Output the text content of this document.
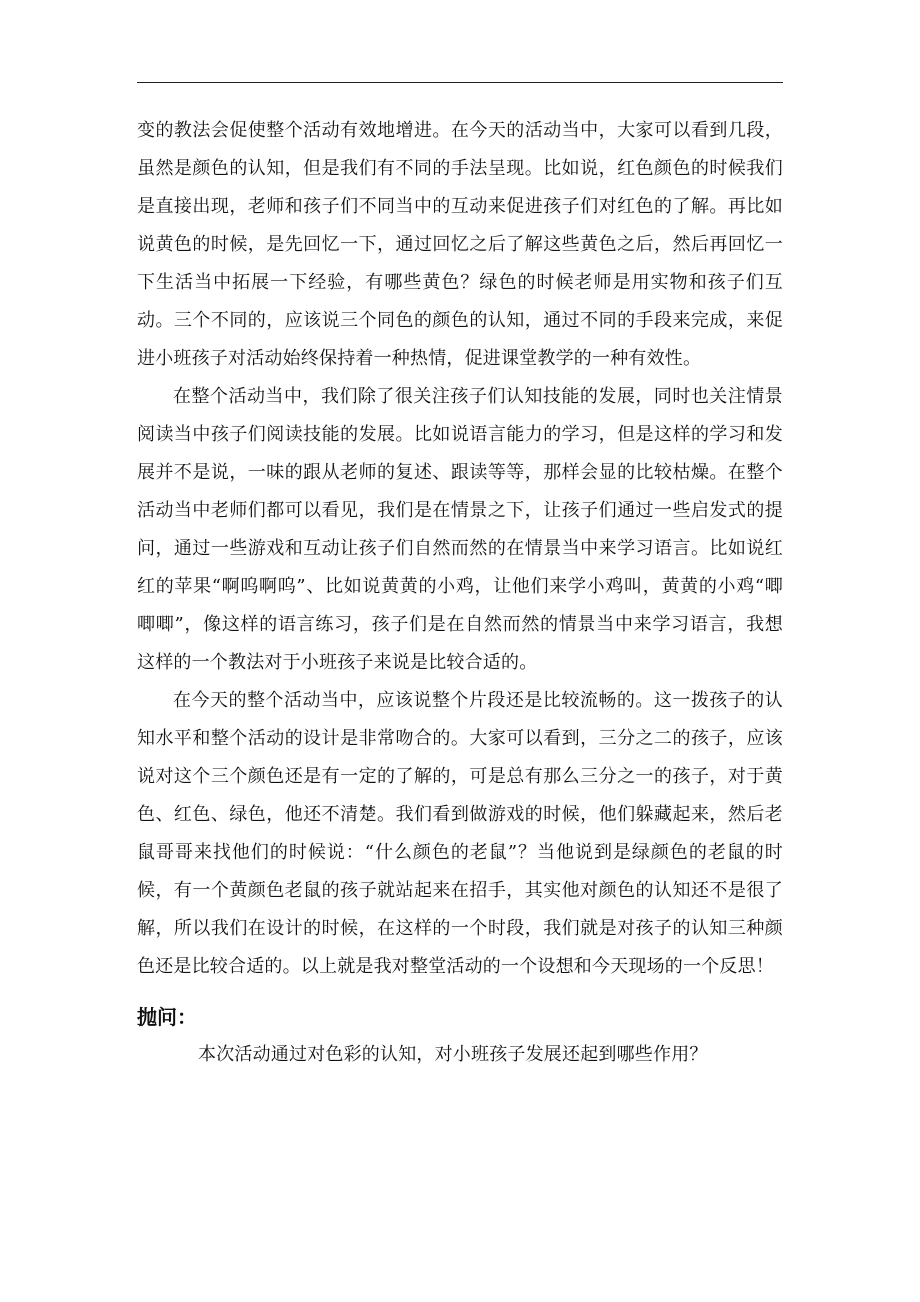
变的教法会促使整个活动有效地增进。在今天的活动当中，大家可以看到几段，虽然是颜色的认知，但是我们有不同的手法呈现。比如说，红色颜色的时候我们是直接出现，老师和孩子们不同当中的互动来促进孩子们对红色的了解。再比如说黄色的时候，是先回忆一下，通过回忆之后了解这些黄色之后，然后再回忆一下生活当中拓展一下经验，有哪些黄色？绿色的时候老师是用实物和孩子们互动。三个不同的，应该说三个同色的颜色的认知，通过不同的手段来完成，来促进小班孩子对活动始终保持着一种热情，促进课堂教学的一种有效性。

在整个活动当中，我们除了很关注孩子们认知技能的发展，同时也关注情景阅读当中孩子们阅读技能的发展。比如说语言能力的学习，但是这样的学习和发展并不是说，一味的跟从老师的复述、跟读等等，那样会显的比较枯燥。在整个活动当中老师们都可以看见，我们是在情景之下，让孩子们通过一些启发式的提问，通过一些游戏和互动让孩子们自然而然的在情景当中来学习语言。比如说红红的苹果“啊呜啊呜”、比如说黄黄的小鸡，让他们来学小鸡叫，黄黄的小鸡“唧唧唧”，像这样的语言练习，孩子们是在自然而然的情景当中来学习语言，我想这样的一个教法对于小班孩子来说是比较合适的。

在今天的整个活动当中，应该说整个片段还是比较流畅的。这一拨孩子的认知水平和整个活动的设计是非常吻合的。大家可以看到，三分之二的孩子，应该说对这个三个颜色还是有一定的了解的，可是总有那么三分之一的孩子，对于黄色、红色、绿色，他还不清楚。我们看到做游戏的时候，他们躲藏起来，然后老鼠哥哥来找他们的时候说：“什么颜色的老鼠”？当他说到是绿颜色的老鼠的时候，有一个黄颜色老鼠的孩子就站起来在招手，其实他对颜色的认知还不是很了解，所以我们在设计的时候，在这样的一个时段，我们就是对孩子的认知三种颜色还是比较合适的。以上就是我对整堂活动的一个设想和今天现场的一个反思！

抛问：
本次活动通过对色彩的认知，对小班孩子发展还起到哪些作用？
